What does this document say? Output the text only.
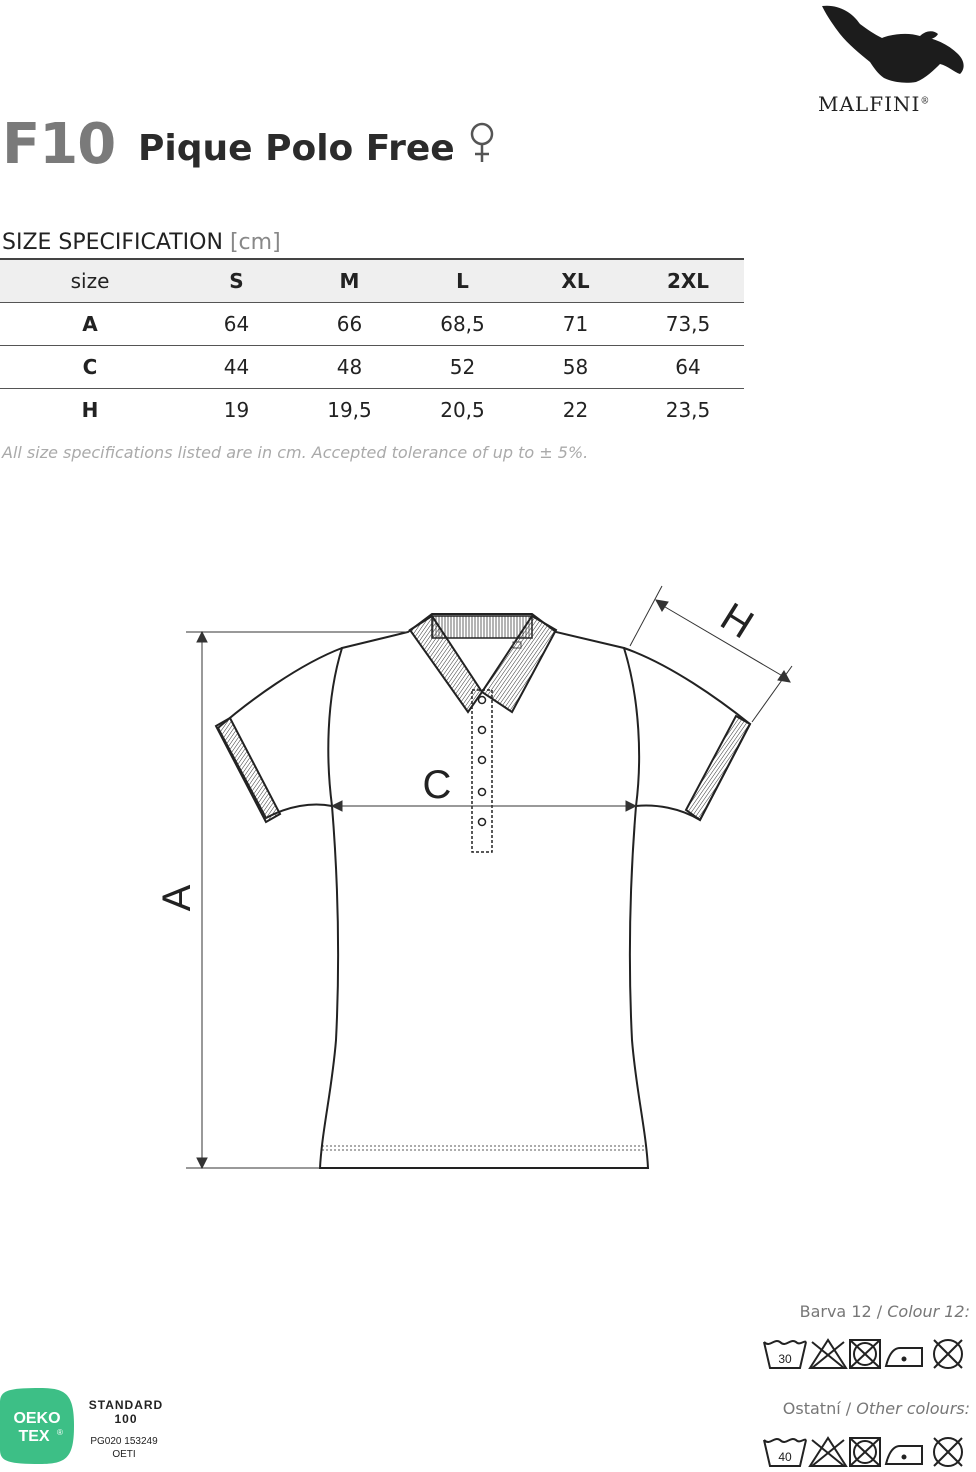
F10 Pique Polo Free
MALFINI®
SIZE SPECIFICATION [cm]
size	S	M	L	XL	2XL
A	64	66	68,5	71	73,5
C	44	48	52	58	64
H	19	19,5	20,5	22	23,5
All size specifications listed are in cm. Accepted tolerance of up to ± 5%.
A
C
H
Barva 12 / Colour 12:
30
Ostatní / Other colours:
40
OEKO
TEX ®
STANDARD
100
PG020 153249
OETI
